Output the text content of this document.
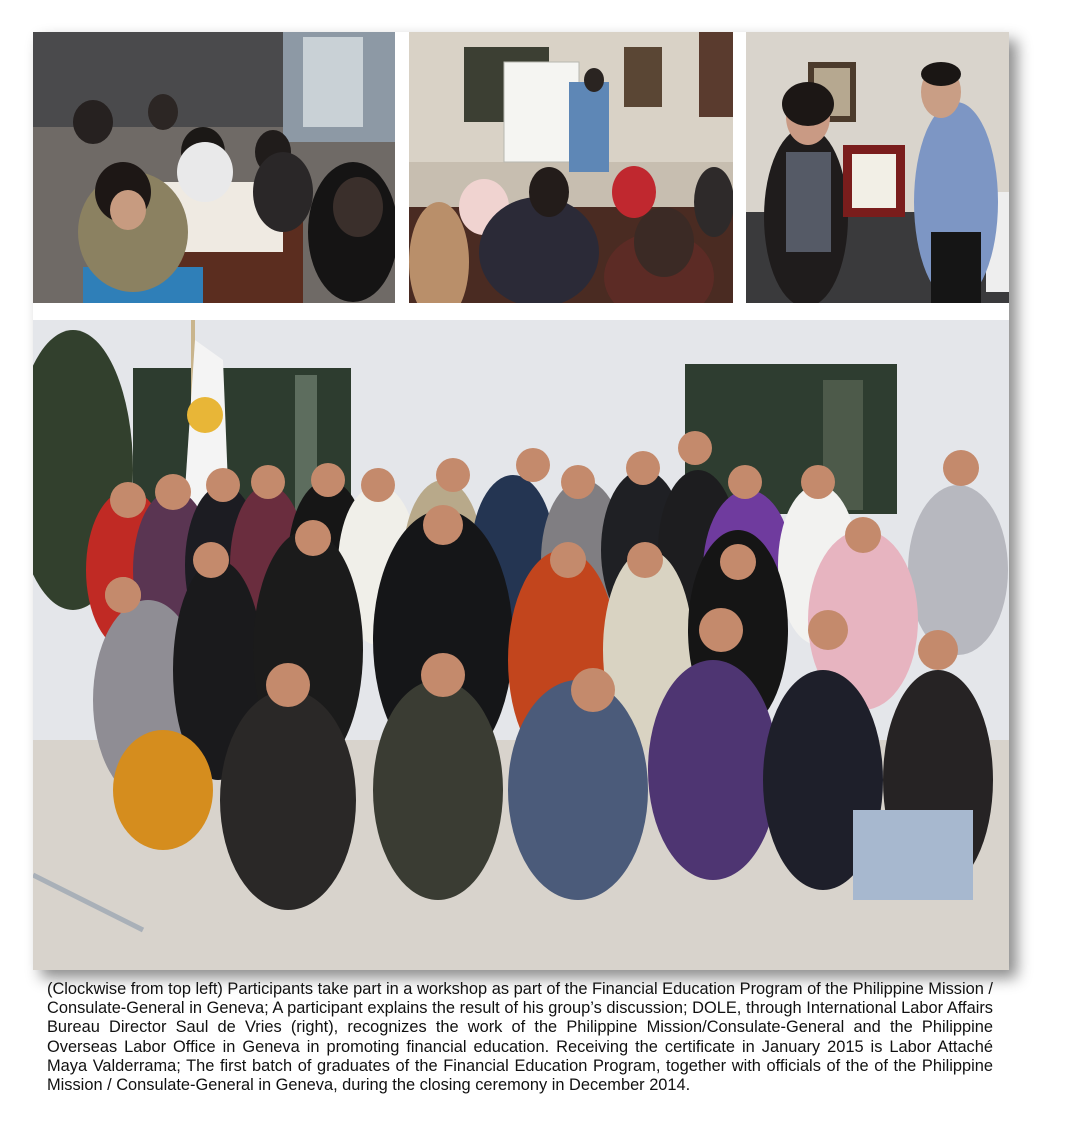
(Clockwise from top left) Participants take part in a workshop as part of the Financial Education Program of the Philippine Mission / Consulate-General in Geneva; A participant explains the result of his group’s discussion; DOLE, through International Labor Affairs Bureau Director Saul de Vries (right), recognizes the work of the Philippine Mission/Consulate-General and the Philippine Overseas Labor Office in Geneva in promoting financial education. Receiving the certificate in January 2015 is Labor Attaché Maya Valderrama; The first batch of graduates of the Financial Education Program, together with officials of the of the Philippine Mission / Consulate-General in Geneva, during the closing ceremony in December 2014.
